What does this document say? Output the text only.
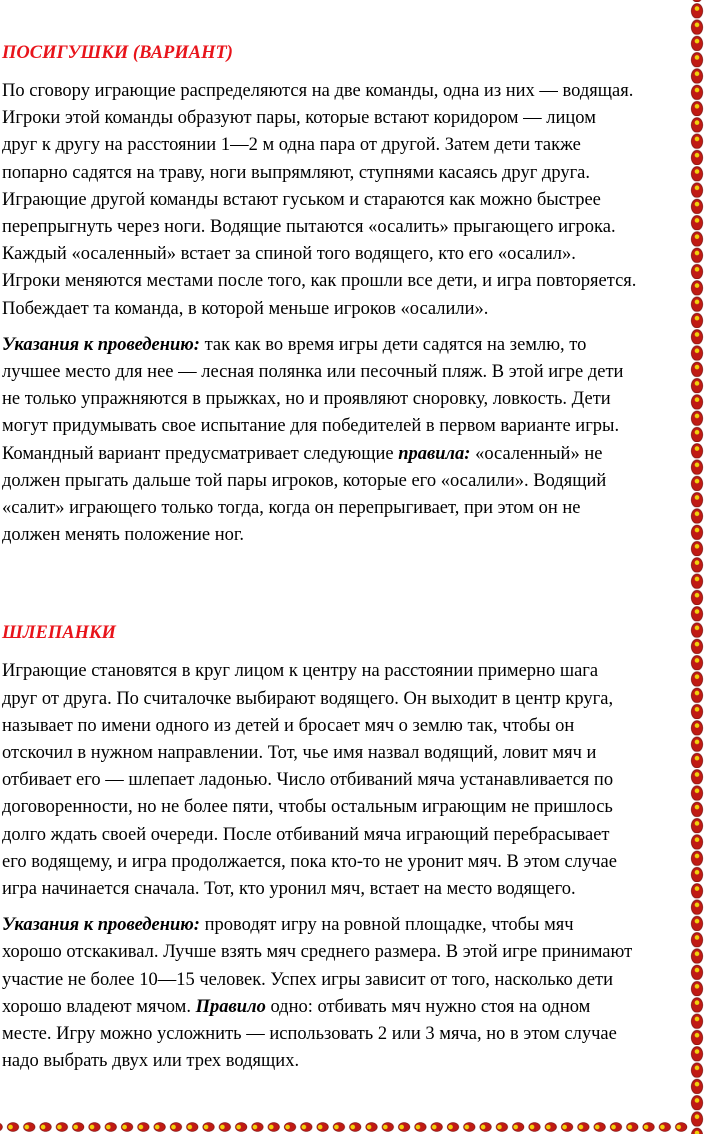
ПОСИГУШКИ (ВАРИАНТ)
По сговору играющие распределяются на две команды, одна из них — водящая.
Игроки этой команды образуют пары, которые встают коридором — лицом
друг к другу на расстоянии 1—2 м одна пара от другой. Затем дети также
попарно садятся на траву, ноги выпрямляют, ступнями касаясь друг друга.
Играющие другой команды встают гуськом и стараются как можно быстрее
перепрыгнуть через ноги. Водящие пытаются «осалить» прыгающего игрока.
Каждый «осаленный» встает за спиной того водящего, кто его «осалил».
Игроки меняются местами после того, как прошли все дети, и игра повторяется.
Побеждает та команда, в которой меньше игроков «осалили».
Указания к проведению: так как во время игры дети садятся на землю, то
лучшее место для нее — лесная полянка или песочный пляж. В этой игре дети
не только упражняются в прыжках, но и проявляют сноровку, ловкость. Дети
могут придумывать свое испытание для победителей в первом варианте игры.
Командный вариант предусматривает следующие правила: «осаленный» не
должен прыгать дальше той пары игроков, которые его «осалили». Водящий
«салит» играющего только тогда, когда он перепрыгивает, при этом он не
должен менять положение ног.
ШЛЕПАНКИ
Играющие становятся в круг лицом к центру на расстоянии примерно шага
друг от друга. По считалочке выбирают водящего. Он выходит в центр круга,
называет по имени одного из детей и бросает мяч о землю так, чтобы он
отскочил в нужном направлении. Тот, чье имя назвал водящий, ловит мяч и
отбивает его — шлепает ладонью. Число отбиваний мяча устанавливается по
договоренности, но не более пяти, чтобы остальным играющим не пришлось
долго ждать своей очереди. После отбиваний мяча играющий перебрасывает
его водящему, и игра продолжается, пока кто-то не уронит мяч. В этом случае
игра начинается сначала. Тот, кто уронил мяч, встает на место водящего.
Указания к проведению: проводят игру на ровной площадке, чтобы мяч
хорошо отскакивал. Лучше взять мяч среднего размера. В этой игре принимают
участие не более 10—15 человек. Успех игры зависит от того, насколько дети
хорошо владеют мячом. Правило одно: отбивать мяч нужно стоя на одном
месте. Игру можно усложнить — использовать 2 или 3 мяча, но в этом случае
надо выбрать двух или трех водящих.
